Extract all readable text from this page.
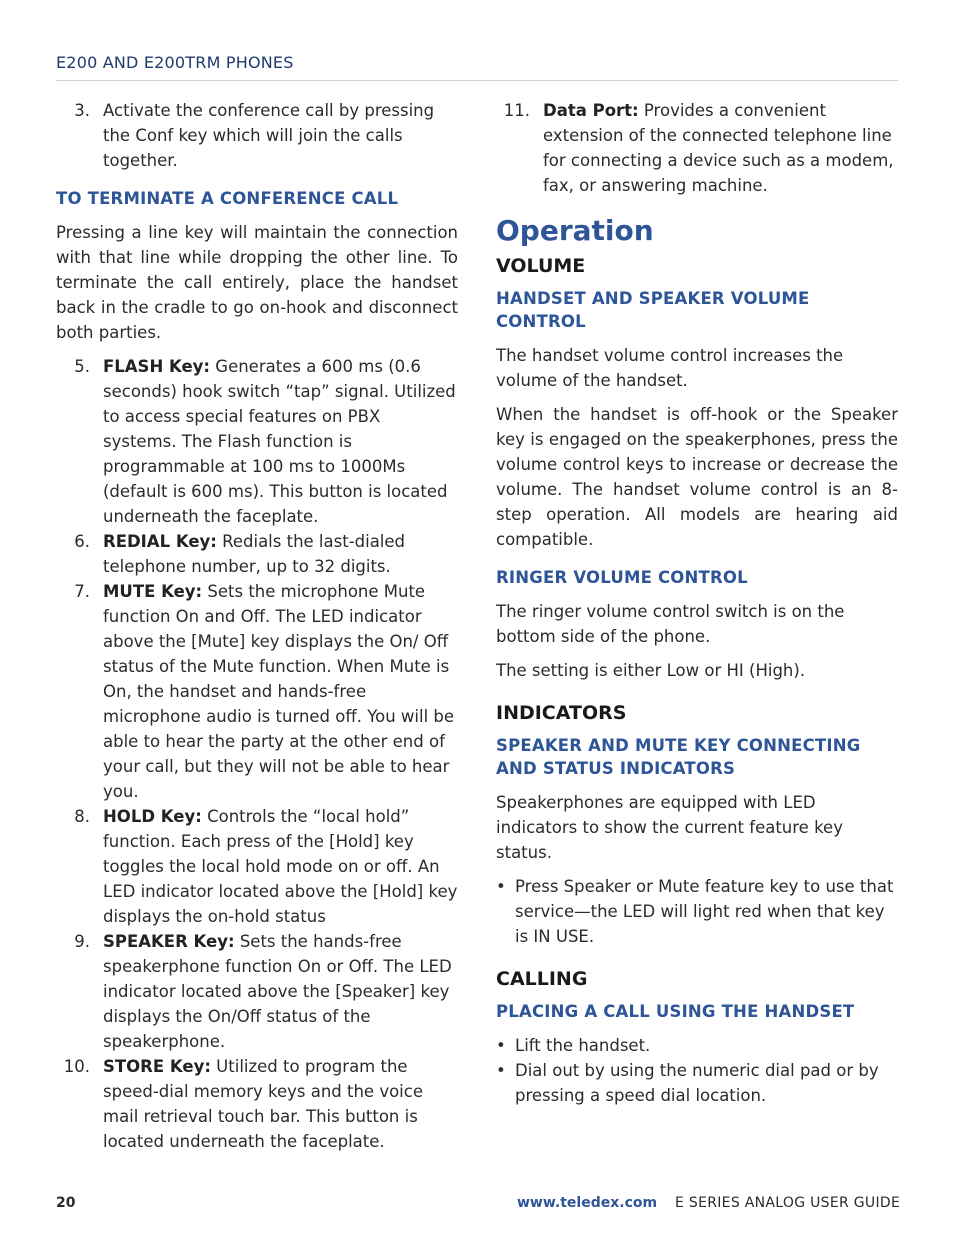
E200 AND E200TRM PHONES
3. Activate the conference call by pressing the Conf key which will join the calls together.
TO TERMINATE A CONFERENCE CALL

Pressing a line key will maintain the connection with that line while dropping the other line. To terminate the call entirely, place the handset back in the cradle to go on-hook and disconnect both parties.

5. FLASH Key: Generates a 600 ms (0.6 seconds) hook switch “tap” signal. Utilized to access special features on PBX systems. The Flash function is programmable at 100 ms to 1000Ms (default is 600 ms). This button is located underneath the faceplate.
6. REDIAL Key: Redials the last-dialed telephone number, up to 32 digits.
7. MUTE Key: Sets the microphone Mute function On and Off. The LED indicator above the [Mute] key displays the On/ Off status of the Mute function. When Mute is On, the handset and hands-free microphone audio is turned off. You will be able to hear the party at the other end of your call, but they will not be able to hear you.
8. HOLD Key: Controls the “local hold” function. Each press of the [Hold] key toggles the local hold mode on or off. An LED indicator located above the [Hold] key displays the on-hold status
9. SPEAKER Key: Sets the hands-free speakerphone function On or Off. The LED indicator located above the [Speaker] key displays the On/Off status of the speakerphone.
10. STORE Key: Utilized to program the speed-dial memory keys and the voice mail retrieval touch bar. This button is located underneath the faceplate.
11. Data Port: Provides a convenient extension of the connected telephone line for connecting a device such as a modem, fax, or answering machine.
Operation
VOLUME
HANDSET AND SPEAKER VOLUME CONTROL

The handset volume control increases the volume of the handset.

When the handset is off-hook or the Speaker key is engaged on the speakerphones, press the volume control keys to increase or decrease the volume. The handset volume control is an 8-step operation. All models are hearing aid compatible.

RINGER VOLUME CONTROL

The ringer volume control switch is on the bottom side of the phone.

The setting is either Low or HI (High).

INDICATORS
SPEAKER AND MUTE KEY CONNECTING AND STATUS INDICATORS

Speakerphones are equipped with LED indicators to show the current feature key status.

• Press Speaker or Mute feature key to use that service—the LED will light red when that key is IN USE.
CALLING
PLACING A CALL USING THE HANDSET
• Lift the handset.
• Dial out by using the numeric dial pad or by pressing a speed dial location.
20	www.teledex.com E SERIES ANALOG USER GUIDE
